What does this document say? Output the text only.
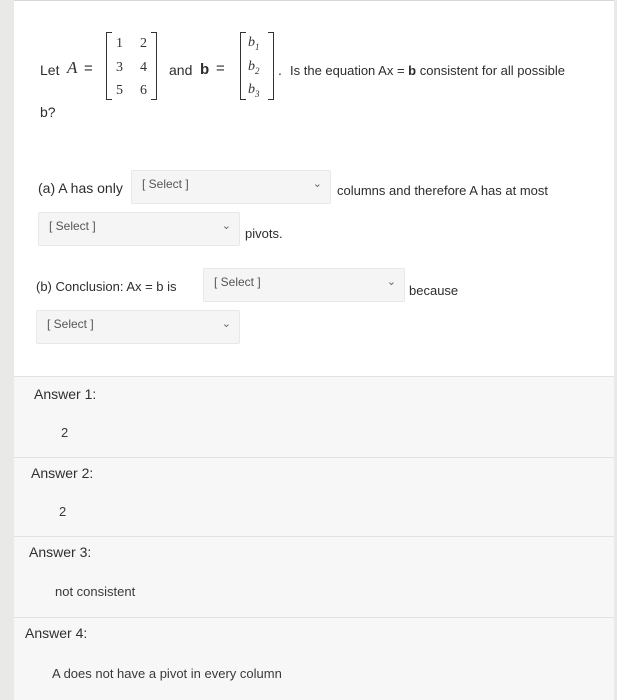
Let A =
1 2
3 4
5 6
and b =
$b_1$
$b_2$
$b_3$
. Is the equation Ax = b consistent for all possible
b?
(a) A has only [ Select ]	⌄ columns and therefore A has at most
[ Select ]	⌄ pivots.
(b) Conclusion: Ax = b is	[ Select ]	⌄
because
[ Select ]	⌄
Answer 1:
2
Answer 2:
2
Answer 3:
not consistent
Answer 4:
A does not have a pivot in every column
